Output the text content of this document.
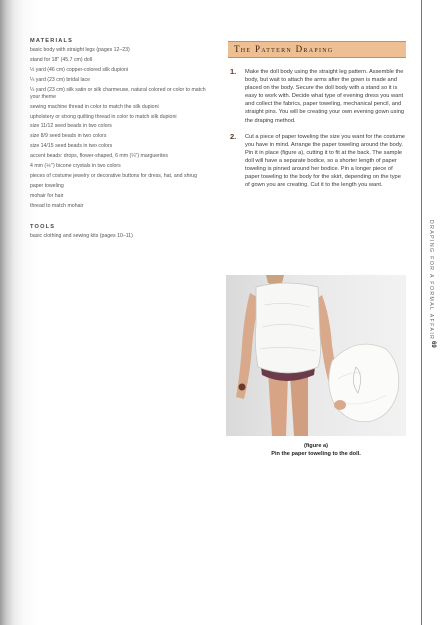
MATERIALS
basic body with straight legs (pages 12–23)
stand for 18" (45.7 cm) doll
½ yard (46 cm) copper-colored silk dupioni
¼ yard (23 cm) bridal lace
¼ yard (23 cm) silk satin or silk charmeuse, natural colored or color to match your theme
sewing machine thread in color to match the silk dupioni
upholstery or strong quilting thread in color to match silk dupioni
size 11/12 seed beads in two colors
size 8/9 seed beads in two colors
size 14/15 seed beads in two colors
accent beads: drops, flower-shaped, 6 mm (¼") marguerites
4 mm (⅙") bicone crystals in two colors
pieces of costume jewelry or decorative buttons for dress, hat, and shrug
paper toweling
mohair for hair
thread to match mohair
TOOLS
basic clothing and sewing kits (pages 10–11)
The Pattern Draping
1. Make the doll body using the straight leg pattern. Assemble the body, but wait to attach the arms after the gown is made and placed on the body. Secure the doll body with a stand so it is easy to work with. Decide what type of evening dress you want and collect the fabrics, paper toweling, mechanical pencil, and straight pins. You will be creating your own evening gown using the draping method.
2. Cut a piece of paper toweling the size you want for the costume you have in mind. Arrange the paper toweling around the body. Pin it in place (figure a), cutting it to fit at the back. The sample doll will have a separate bodice, so a shorter length of paper toweling is pinned around her bodice. Pin a longer piece of paper toweling to the body for the skirt, depending on the type of gown you are creating. Cut it to the length you want.
(figure a)
Pin the paper toweling to the doll.
DRAPING FOR A FORMAL AFFAIR
69
